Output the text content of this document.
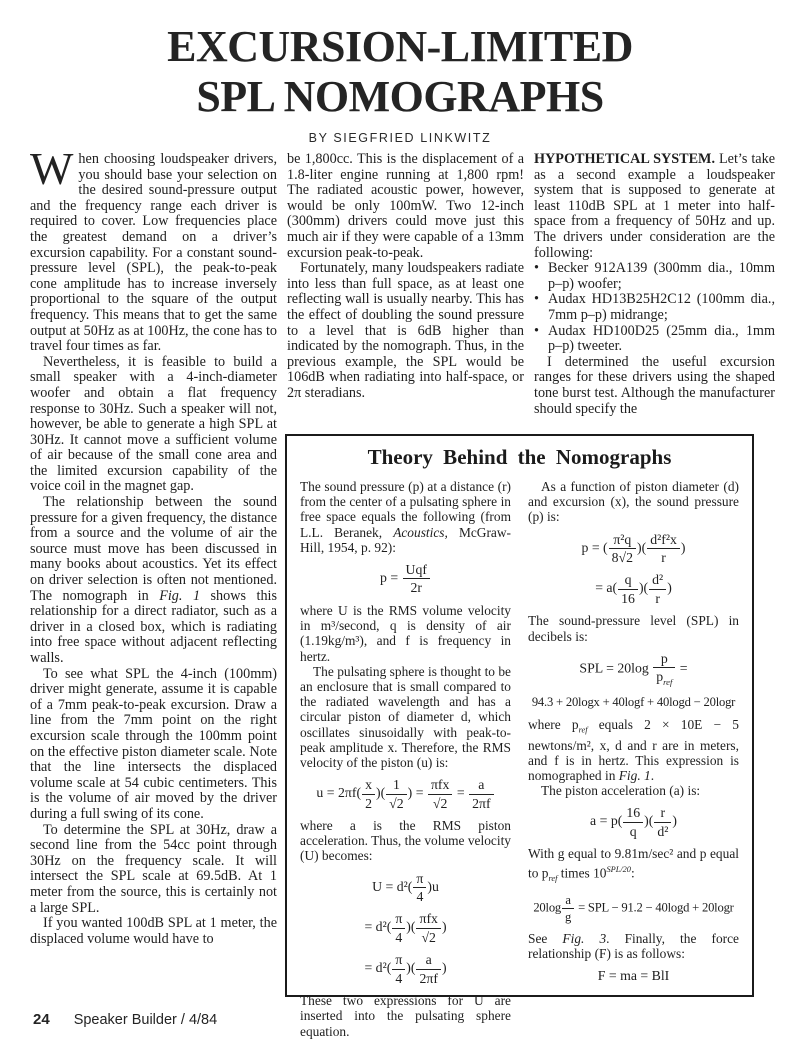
EXCURSION-LIMITED
SPL NOMOGRAPHS
BY SIEGFRIED LINKWITZ

When choosing loudspeaker drivers, you should base your selection on the desired sound-pressure output and the frequency range each driver is required to cover. Low frequencies place the greatest demand on a driver’s excursion capability. For a constant sound-pressure level (SPL), the peak-to-peak cone amplitude has to increase inversely proportional to the square of the output frequency. This means that to get the same output at 50Hz as at 100Hz, the cone has to travel four times as far.

Nevertheless, it is feasible to build a small speaker with a 4-inch-diameter woofer and obtain a flat frequency response to 30Hz. Such a speaker will not, however, be able to generate a high SPL at 30Hz. It cannot move a sufficient volume of air because of the small cone area and the limited excursion capability of the voice coil in the magnet gap.

The relationship between the sound pressure for a given frequency, the distance from a source and the volume of air the source must move has been discussed in many books about acoustics. Yet its effect on driver selection is often not mentioned. The nomograph in Fig. 1 shows this relationship for a direct radiator, such as a driver in a closed box, which is radiating into free space without adjacent reflecting walls.

To see what SPL the 4-inch (100mm) driver might generate, assume it is capable of a 7mm peak-to-peak excursion. Draw a line from the 7mm point on the right excursion scale through the 100mm point on the effective piston diameter scale. Note that the line intersects the displaced volume scale at 54 cubic centimeters. This is the volume of air moved by the driver during a full swing of its cone.

To determine the SPL at 30Hz, draw a second line from the 54cc point through 30Hz on the frequency scale. It will intersect the SPL scale at 69.5dB. At 1 meter from the source, this is certainly not a large SPL.

If you wanted 100dB SPL at 1 meter, the displaced volume would have to

be 1,800cc. This is the displacement of a 1.8-liter engine running at 1,800 rpm! The radiated acoustic power, however, would be only 100mW. Two 12-inch (300mm) drivers could move just this much air if they were capable of a 13mm excursion peak-to-peak.

Fortunately, many loudspeakers radiate into less than full space, as at least one reflecting wall is usually nearby. This has the effect of doubling the sound pressure to a level that is 6dB higher than indicated by the nomograph. Thus, in the previous example, the SPL would be 106dB when radiating into half-space, or 2π steradians.

HYPOTHETICAL SYSTEM. Let’s take as a second example a loudspeaker system that is supposed to generate at least 110dB SPL at 1 meter into half-space from a frequency of 50Hz and up. The drivers under consideration are the following:

• Becker 912A139 (300mm dia., 10mm p–p) woofer;

• Audax HD13B25H2C12 (100mm dia., 7mm p–p) midrange;

• Audax HD100D25 (25mm dia., 1mm p–p) tweeter.

I determined the useful excursion ranges for these drivers using the shaped tone burst test. Although the manufacturer should specify the

Theory Behind the Nomographs

The sound pressure (p) at a distance (r) from the center of a pulsating sphere in free space equals the following (from L.L. Beranek, Acoustics, McGraw-Hill, 1954, p. 92):

$p = \frac{\text{Uqf}}{2r}$

where U is the RMS volume velocity in m³/second, q is density of air (1.19kg/m³), and f is frequency in hertz.

The pulsating sphere is thought to be an enclosure that is small compared to the radiated wavelength and has a circular piston of diameter d, which oscillates sinusoidally with peak-to-peak amplitude x. Therefore, the RMS velocity of the piston (u) is:

$u = 2\pi f( \frac{x}{2}$ )( $\frac{1}{√2}$ ) = $\frac{\text{πfx}}{√2} = \frac{a}{2\pi f}$

where a is the RMS piston acceleration. Thus, the volume velocity (U) becomes:

$U = d^2( \frac{\pi}{4} )u$
= $d^2( \frac{\pi}{4}$ )( $\frac{\text{πfx}}{√2}$ )
= $d^2( \frac{\pi}{4}$ )( $\frac{a}{2\pi f}$ )

These two expressions for U are inserted into the pulsating sphere equation.

As a function of piston diameter (d) and excursion (x), the sound pressure (p) is:

p = ( $\frac{\text{π²q}}{8√2}$ )( $\frac{\text{d²f²x}}{r}$ )
= $a( \frac{q}{16}$ )( $\frac{\text{d²}}{r}$ )

The sound-pressure level (SPL) in decibels is:

SPL = $20\log \frac{p}{p_{ref}}$ =
94.3 + 20logx + 40logf + 40logd − 20logr

where $p_{ref}$ equals 2 × 10E − 5 newtons/m², x, d and r are in meters, and f is in hertz. This expression is nomographed in Fig. 1.

The piston acceleration (a) is:

$a = p( \frac{16}{q}$ )( $\frac{r}{\text{d²}}$ )

With g equal to 9.81m/sec² and p equal to $p_{ref}$ times $10^{SPL/20}$:

$20\log \frac{a}{g}$ = SPL − 91.2 − 40logd + 20logr

See Fig. 3. Finally, the force relationship (F) is as follows:

F = ma = BlI
24 Speaker Builder / 4/84
